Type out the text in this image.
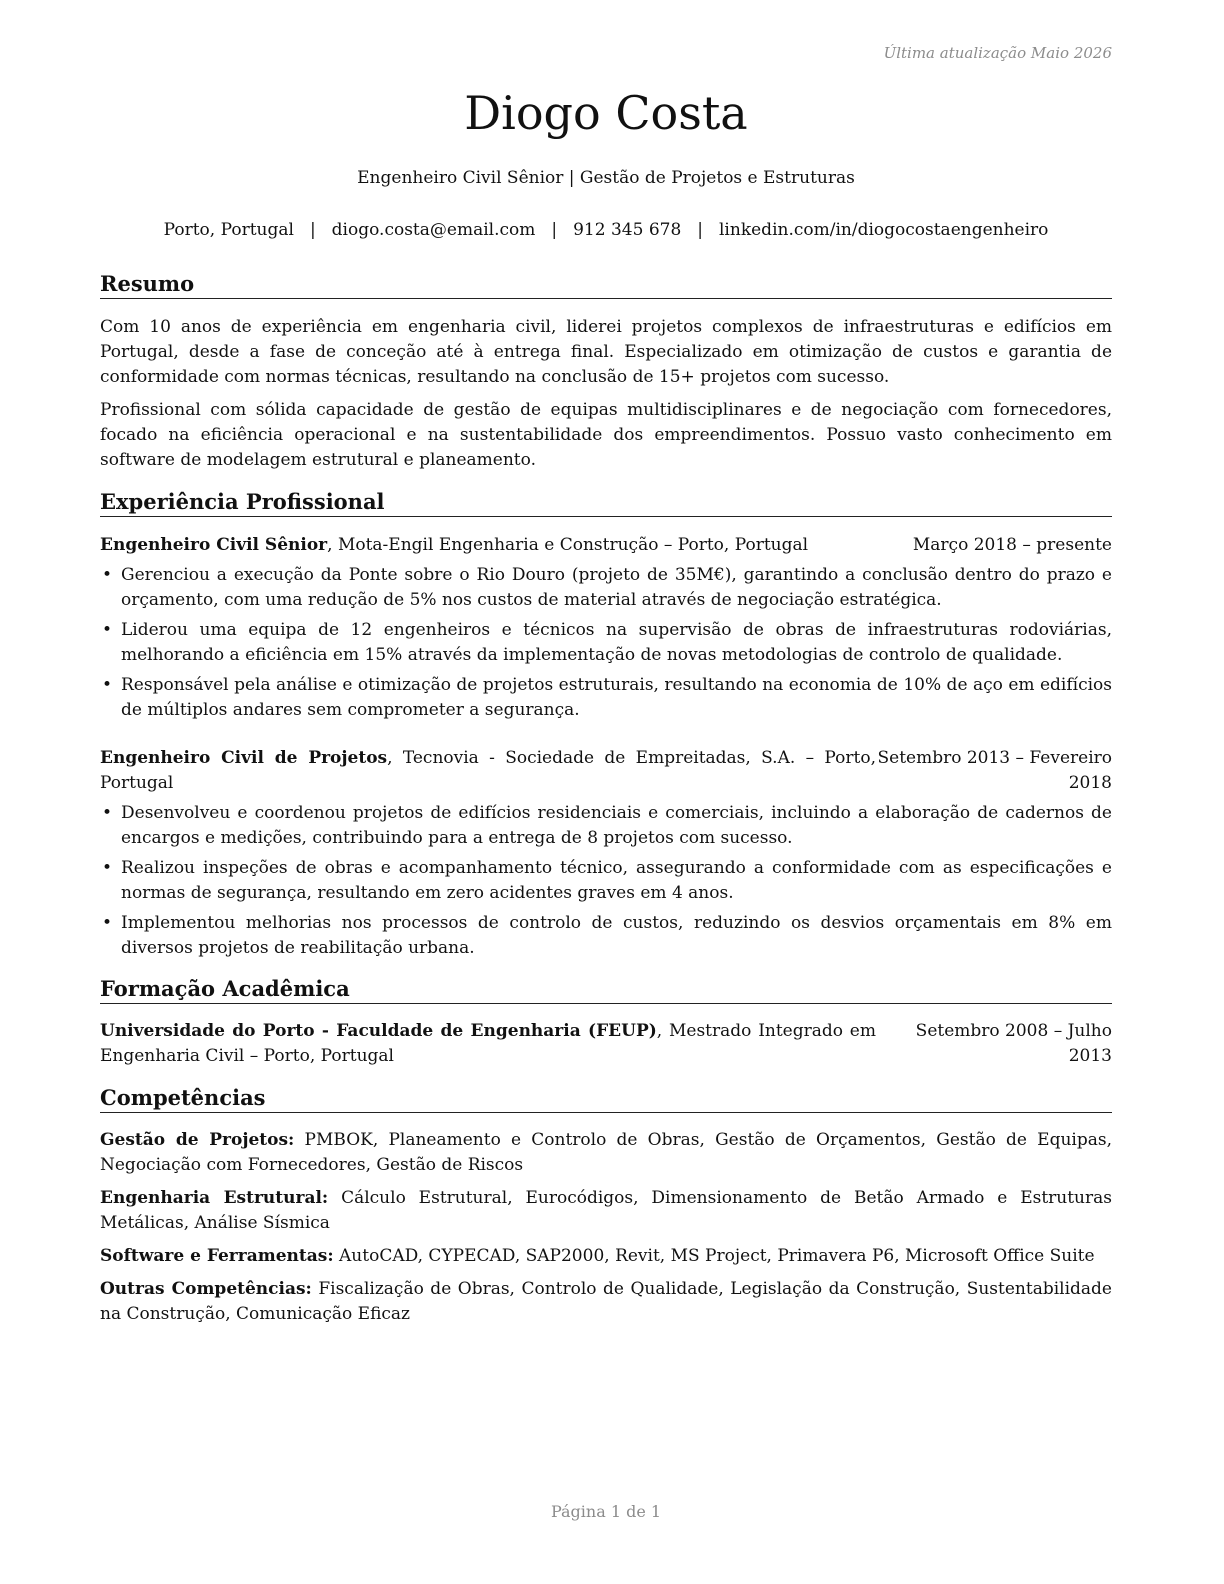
Última atualização Maio 2026
Diogo Costa
Engenheiro Civil Sênior | Gestão de Projetos e Estruturas
Porto, Portugal | diogo.costa@email.com | 912 345 678 | linkedin.com/in/diogocostaengenheiro
Resumo

Com 10 anos de experiência em engenharia civil, liderei projetos complexos de infraestruturas e edifícios em Portugal, desde a fase de conceção até à entrega final. Especializado em otimização de custos e garantia de conformidade com normas técnicas, resultando na conclusão de 15+ projetos com sucesso.

Profissional com sólida capacidade de gestão de equipas multidisciplinares e de negociação com fornecedores, focado na eficiência operacional e na sustentabilidade dos empreendimentos. Possuo vasto conhecimento em software de modelagem estrutural e planeamento.

Experiência Profissional
Engenheiro Civil Sênior, Mota-Engil Engenharia e Construção – Porto, Portugal	Março 2018 – presente
• Gerenciou a execução da Ponte sobre o Rio Douro (projeto de 35M€), garantindo a conclusão dentro do prazo e orçamento, com uma redução de 5% nos custos de material através de negociação estratégica.
• Liderou uma equipa de 12 engenheiros e técnicos na supervisão de obras de infraestruturas rodoviárias, melhorando a eficiência em 15% através da implementação de novas metodologias de controlo de qualidade.
• Responsável pela análise e otimização de projetos estruturais, resultando na economia de 10% de aço em edifícios de múltiplos andares sem comprometer a segurança.
Engenheiro Civil de Projetos, Tecnovia - Sociedade de Empreitadas, S.A. – Porto, Portugal
Setembro 2013 – Fevereiro 2018
• Desenvolveu e coordenou projetos de edifícios residenciais e comerciais, incluindo a elaboração de cadernos de encargos e medições, contribuindo para a entrega de 8 projetos com sucesso.
• Realizou inspeções de obras e acompanhamento técnico, assegurando a conformidade com as especificações e normas de segurança, resultando em zero acidentes graves em 4 anos.
• Implementou melhorias nos processos de controlo de custos, reduzindo os desvios orçamentais em 8% em diversos projetos de reabilitação urbana.
Formação Acadêmica
Universidade do Porto - Faculdade de Engenharia (FEUP), Mestrado Integrado em Engenharia Civil – Porto, Portugal
Setembro 2008 – Julho 2013
Competências

Gestão de Projetos: PMBOK, Planeamento e Controlo de Obras, Gestão de Orçamentos, Gestão de Equipas, Negociação com Fornecedores, Gestão de Riscos

Engenharia Estrutural: Cálculo Estrutural, Eurocódigos, Dimensionamento de Betão Armado e Estruturas Metálicas, Análise Sísmica

Software e Ferramentas: AutoCAD, CYPECAD, SAP2000, Revit, MS Project, Primavera P6, Microsoft Office Suite

Outras Competências: Fiscalização de Obras, Controlo de Qualidade, Legislação da Construção, Sustentabilidade na Construção, Comunicação Eficaz

Página 1 de 1
